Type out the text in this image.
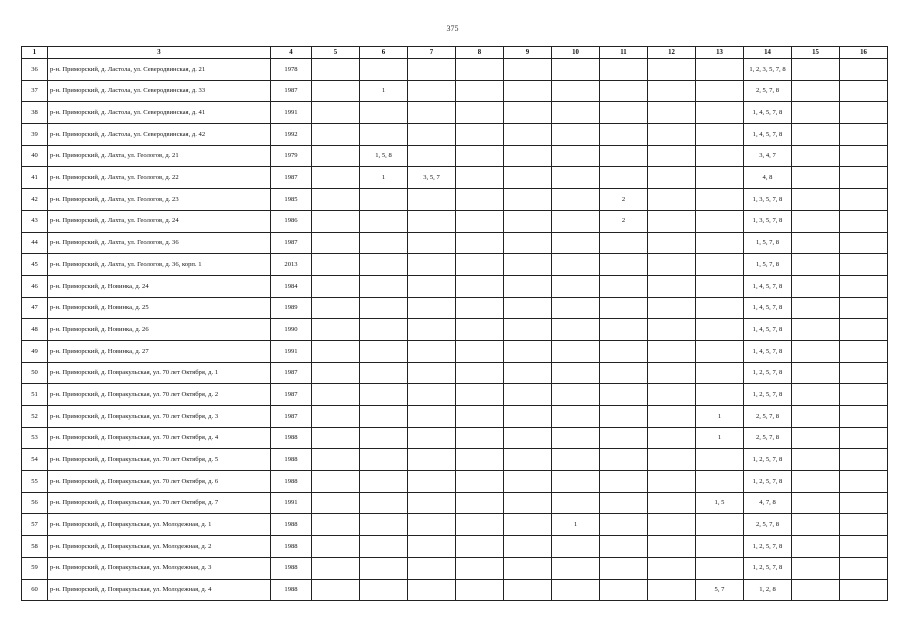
375
1	3	4	5	6	7	8	9	10	11	12	13	14	15	16
36	р-н. Приморский, д. Ластола, ул. Северодвинская, д. 21	1978										1, 2, 3, 5, 7, 8		
37	р-н. Приморский, д. Ластола, ул. Северодвинская, д. 33	1987		1								2, 5, 7, 8		
38	р-н. Приморский, д. Ластола, ул. Северодвинская, д. 41	1991										1, 4, 5, 7, 8		
39	р-н. Приморский, д. Ластола, ул. Северодвинская, д. 42	1992										1, 4, 5, 7, 8		
40	р-н. Приморский, д. Лахта, ул. Геологов, д. 21	1979		1, 5, 8								3, 4, 7		
41	р-н. Приморский, д. Лахта, ул. Геологов, д. 22	1987		1	3, 5, 7							4, 8		
42	р-н. Приморский, д. Лахта, ул. Геологов, д. 23	1985							2			1, 3, 5, 7, 8		
43	р-н. Приморский, д. Лахта, ул. Геологов, д. 24	1986							2			1, 3, 5, 7, 8		
44	р-н. Приморский, д. Лахта, ул. Геологов, д. 36	1987										1, 5, 7, 8		
45	р-н. Приморский, д. Лахта, ул. Геологов, д. 36, корп. 1	2013										1, 5, 7, 8		
46	р-н. Приморский, д. Новинка, д. 24	1984										1, 4, 5, 7, 8		
47	р-н. Приморский, д. Новинка, д. 25	1989										1, 4, 5, 7, 8		
48	р-н. Приморский, д. Новинка, д. 26	1990										1, 4, 5, 7, 8		
49	р-н. Приморский, д. Новинка, д. 27	1991										1, 4, 5, 7, 8		
50	р-н. Приморский, д. Повракульская, ул. 70 лет Октября, д. 1	1987										1, 2, 5, 7, 8		
51	р-н. Приморский, д. Повракульская, ул. 70 лет Октября, д. 2	1987										1, 2, 5, 7, 8		
52	р-н. Приморский, д. Повракульская, ул. 70 лет Октября, д. 3	1987									1	2, 5, 7, 8		
53	р-н. Приморский, д. Повракульская, ул. 70 лет Октября, д. 4	1988									1	2, 5, 7, 8		
54	р-н. Приморский, д. Повракульская, ул. 70 лет Октября, д. 5	1988										1, 2, 5, 7, 8		
55	р-н. Приморский, д. Повракульская, ул. 70 лет Октября, д. 6	1988										1, 2, 5, 7, 8		
56	р-н. Приморский, д. Повракульская, ул. 70 лет Октября, д. 7	1991									1, 5	4, 7, 8		
57	р-н. Приморский, д. Повракульская, ул. Молодежная, д. 1	1988						1				2, 5, 7, 8		
58	р-н. Приморский, д. Повракульская, ул. Молодежная, д. 2	1988										1, 2, 5, 7, 8		
59	р-н. Приморский, д. Повракульская, ул. Молодежная, д. 3	1988										1, 2, 5, 7, 8		
60	р-н. Приморский, д. Повракульская, ул. Молодежная, д. 4	1988									5, 7	1, 2, 8		
